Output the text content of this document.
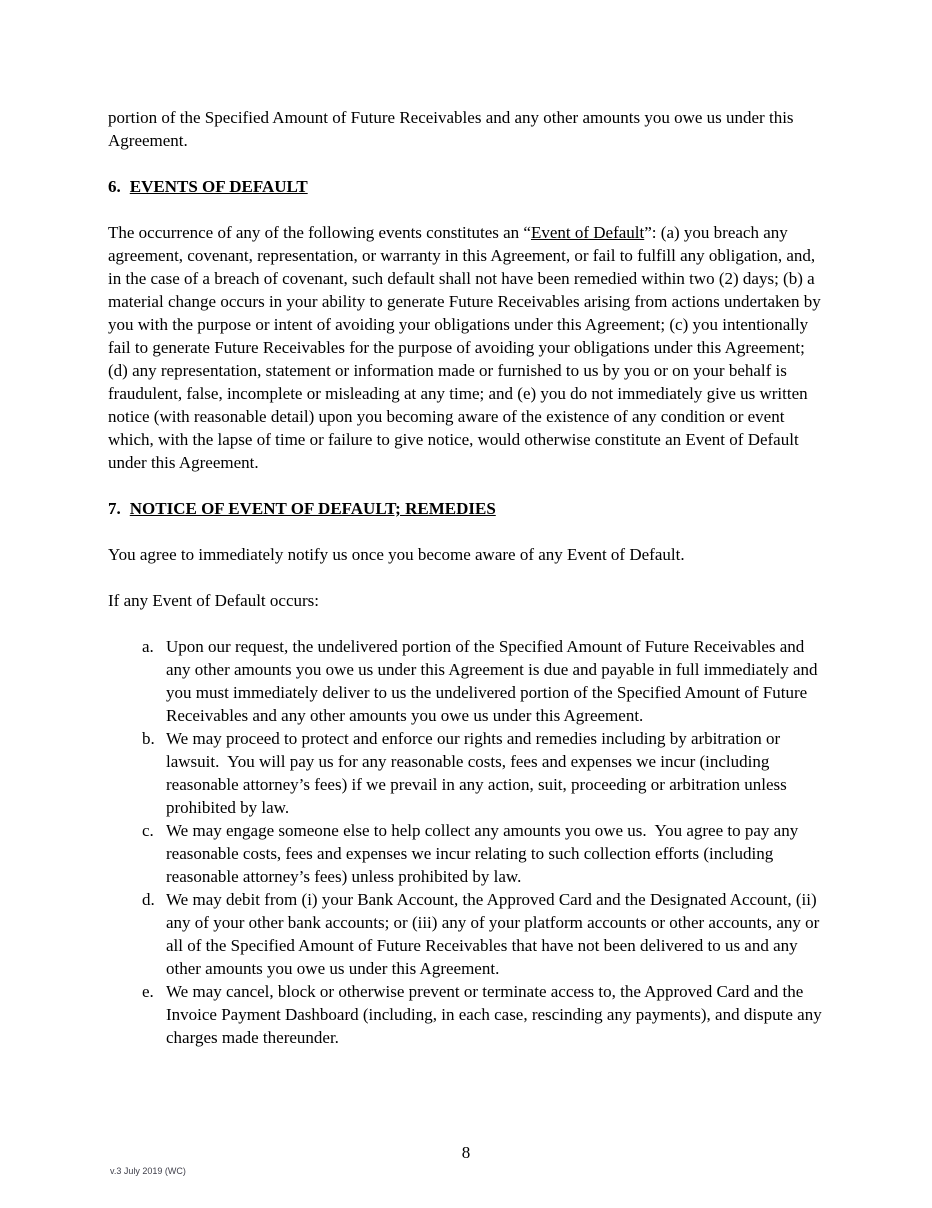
portion of the Specified Amount of Future Receivables and any other amounts you owe us under this Agreement.

6. EVENTS OF DEFAULT

The occurrence of any of the following events constitutes an “Event of Default”: (a) you breach any agreement, covenant, representation, or warranty in this Agreement, or fail to fulfill any obligation, and, in the case of a breach of covenant, such default shall not have been remedied within two (2) days; (b) a material change occurs in your ability to generate Future Receivables arising from actions undertaken by you with the purpose or intent of avoiding your obligations under this Agreement; (c) you intentionally fail to generate Future Receivables for the purpose of avoiding your obligations under this Agreement; (d) any representation, statement or information made or furnished to us by you or on your behalf is fraudulent, false, incomplete or misleading at any time; and (e) you do not immediately give us written notice (with reasonable detail) upon you becoming aware of the existence of any condition or event which, with the lapse of time or failure to give notice, would otherwise constitute an Event of Default under this Agreement.

7. NOTICE OF EVENT OF DEFAULT; REMEDIES

You agree to immediately notify us once you become aware of any Event of Default.

If any Event of Default occurs:

a. Upon our request, the undelivered portion of the Specified Amount of Future Receivables and any other amounts you owe us under this Agreement is due and payable in full immediately and you must immediately deliver to us the undelivered portion of the Specified Amount of Future Receivables and any other amounts you owe us under this Agreement.
b. We may proceed to protect and enforce our rights and remedies including by arbitration or lawsuit.  You will pay us for any reasonable costs, fees and expenses we incur (including reasonable attorney’s fees) if we prevail in any action, suit, proceeding or arbitration unless prohibited by law.
c. We may engage someone else to help collect any amounts you owe us.  You agree to pay any reasonable costs, fees and expenses we incur relating to such collection efforts (including reasonable attorney’s fees) unless prohibited by law.
d. We may debit from (i) your Bank Account, the Approved Card and the Designated Account, (ii) any of your other bank accounts; or (iii) any of your platform accounts or other accounts, any or all of the Specified Amount of Future Receivables that have not been delivered to us and any other amounts you owe us under this Agreement.
e. We may cancel, block or otherwise prevent or terminate access to, the Approved Card and the Invoice Payment Dashboard (including, in each case, rescinding any payments), and dispute any charges made thereunder.
8
v.3 July 2019 (WC)
